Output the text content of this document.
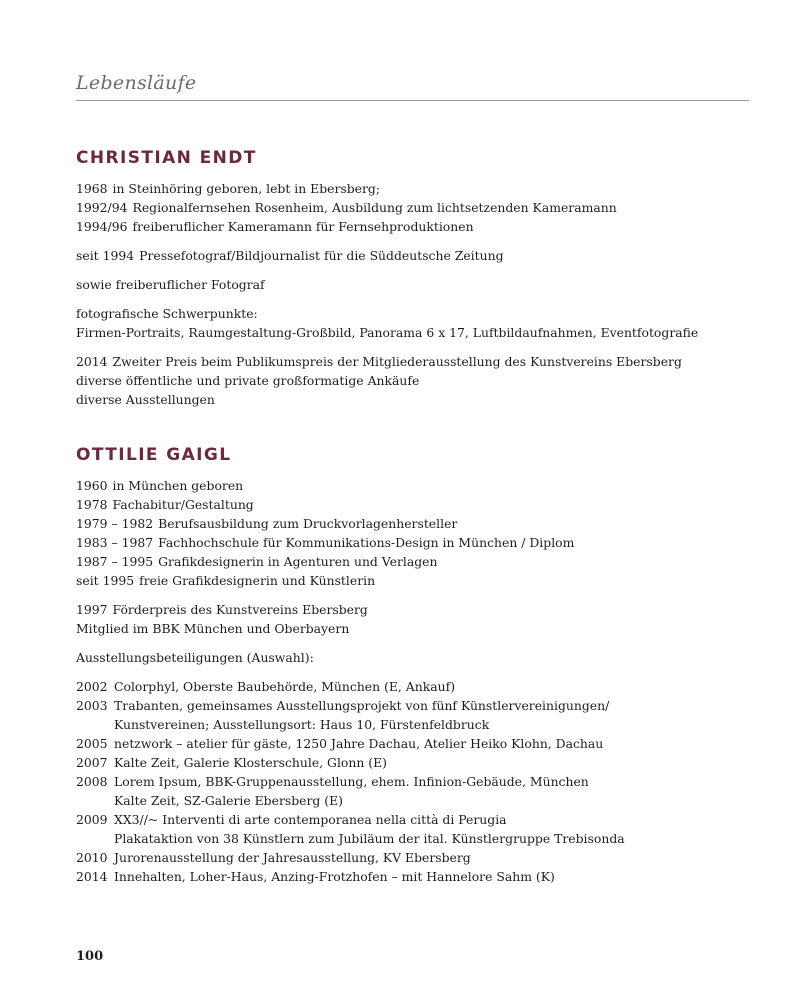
Lebensläufe
CHRISTIAN ENDT

1968 in Steinhöring geboren, lebt in Ebersberg;

1992/94 Regionalfernsehen Rosenheim, Ausbildung zum lichtsetzenden Kameramann

1994/96 freiberuflicher Kameramann für Fernsehproduktionen

seit 1994 Pressefotograf/Bildjournalist für die Süddeutsche Zeitung

sowie freiberuflicher Fotograf

fotografische Schwerpunkte:

Firmen-Portraits, Raumgestaltung-Großbild, Panorama 6 x 17, Luftbildaufnahmen, Eventfotografie

2014 Zweiter Preis beim Publikumspreis der Mitgliederausstellung des Kunstvereins Ebersberg

diverse öffentliche und private großformatige Ankäufe

diverse Ausstellungen

OTTILIE GAIGL

1960 in München geboren

1978 Fachabitur/Gestaltung

1979 – 1982 Berufsausbildung zum Druckvorlagenhersteller

1983 – 1987 Fachhochschule für Kommunikations-Design in München / Diplom

1987 – 1995 Grafikdesignerin in Agenturen und Verlagen

seit 1995 freie Grafikdesignerin und Künstlerin

1997 Förderpreis des Kunstvereins Ebersberg

Mitglied im BBK München und Oberbayern

Ausstellungsbeteiligungen (Auswahl):

2002 Colorphyl, Oberste Baubehörde, München (E, Ankauf)
2003 Trabanten, gemeinsames Ausstellungsprojekt von fünf Künstlervereinigungen/
Kunstvereinen; Ausstellungsort: Haus 10, Fürstenfeldbruck
2005 netzwork – atelier für gäste, 1250 Jahre Dachau, Atelier Heiko Klohn, Dachau
2007 Kalte Zeit, Galerie Klosterschule, Glonn (E)
2008 Lorem Ipsum, BBK-Gruppenausstellung, ehem. Infinion-Gebäude, München
Kalte Zeit, SZ-Galerie Ebersberg (E)
2009 XX3//~ Interventi di arte contemporanea nella città di Perugia
Plakataktion von 38 Künstlern zum Jubiläum der ital. Künstlergruppe Trebisonda
2010 Jurorenausstellung der Jahresausstellung, KV Ebersberg
2014 Innehalten, Loher-Haus, Anzing-Frotzhofen – mit Hannelore Sahm (K)
100
